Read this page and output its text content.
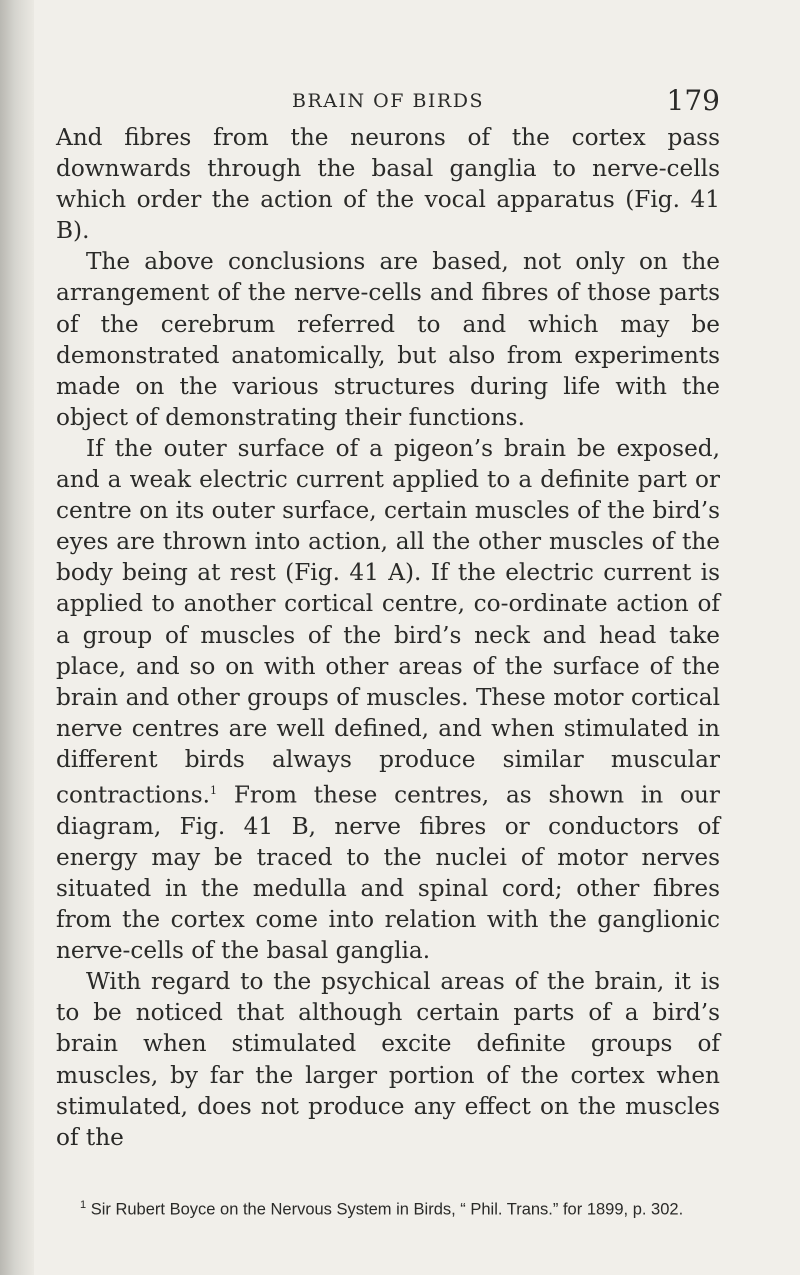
BRAIN OF BIRDS	179

And fibres from the neurons of the cortex pass downwards through the basal ganglia to nerve-cells which order the action of the vocal apparatus (Fig. 41 B).

The above conclusions are based, not only on the arrangement of the nerve-cells and fibres of those parts of the cerebrum referred to and which may be demonstrated anatomically, but also from experiments made on the various structures during life with the object of demonstrating their functions.

If the outer surface of a pigeon’s brain be exposed, and a weak electric current applied to a definite part or centre on its outer surface, certain muscles of the bird’s eyes are thrown into action, all the other muscles of the body being at rest (Fig. 41 A). If the electric current is applied to another cortical centre, co-ordinate action of a group of muscles of the bird’s neck and head take place, and so on with other areas of the surface of the brain and other groups of muscles. These motor cortical nerve centres are well defined, and when stimulated in different birds always produce similar muscular contractions.$^1$ From these centres, as shown in our diagram, Fig. 41 B, nerve fibres or conductors of energy may be traced to the nuclei of motor nerves situated in the medulla and spinal cord; other fibres from the cortex come into relation with the ganglionic nerve-cells of the basal ganglia.

With regard to the psychical areas of the brain, it is to be noticed that although certain parts of a bird’s brain when stimulated excite definite groups of muscles, by far the larger portion of the cortex when stimulated, does not produce any effect on the muscles of the

$^1$ Sir Rubert Boyce on the Nervous System in Birds, “ Phil. Trans.” for 1899, p. 302.
